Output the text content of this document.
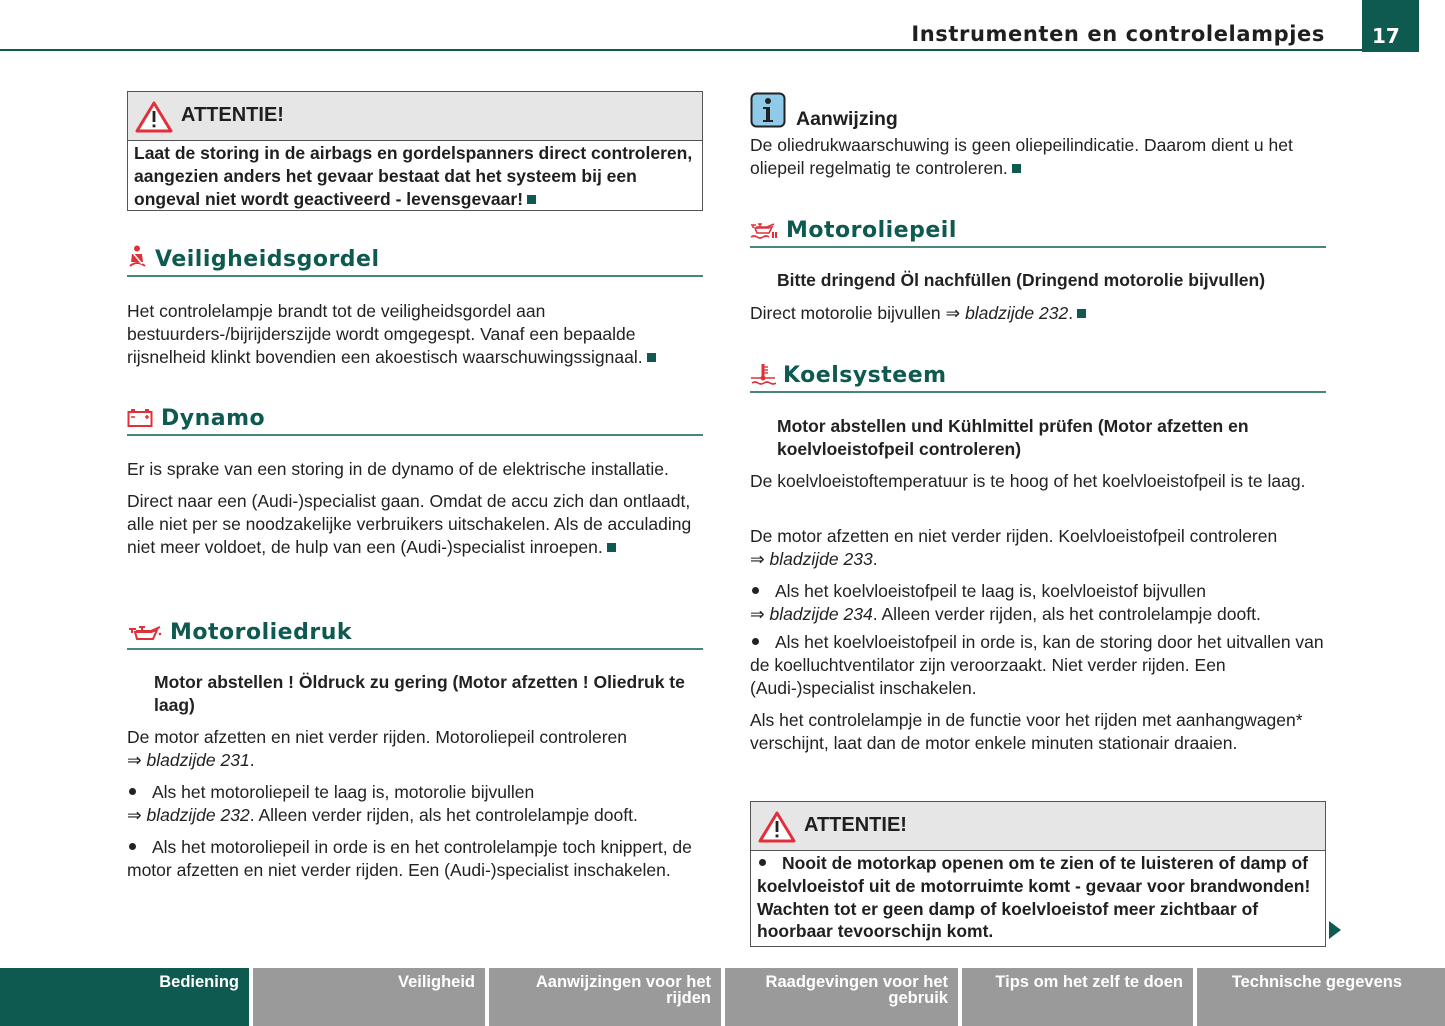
Instrumenten en controlelampjes	17
ATTENTIE!
Laat de storing in de airbags en gordelspanners direct controleren, aangezien anders het gevaar bestaat dat het systeem bij een ongeval niet wordt geactiveerd - levensgevaar!
Veiligheidsgordel

Het controlelampje brandt tot de veiligheidsgordel aan bestuurders-/bijrijderszijde wordt omgegespt. Vanaf een bepaalde rijsnelheid klinkt bovendien een akoestisch waarschuwingssignaal.

Dynamo

Er is sprake van een storing in de dynamo of de elektrische installatie.

Direct naar een (Audi-)specialist gaan. Omdat de accu zich dan ontlaadt, alle niet per se noodzakelijke verbruikers uitschakelen. Als de acculading niet meer voldoet, de hulp van een (Audi-)specialist inroepen.

Motoroliedruk

Motor abstellen ! Öldruck zu gering (Motor afzetten ! Oliedruk te laag)

De motor afzetten en niet verder rijden. Motoroliepeil controleren
⇒ bladzijde 231.

Als het motoroliepeil te laag is, motorolie bijvullen
⇒ bladzijde 232. Alleen verder rijden, als het controlelampje dooft.

Als het motoroliepeil in orde is en het controlelampje toch knippert, de motor afzetten en niet verder rijden. Een (Audi-)specialist inschakelen.

Aanwijzing

De oliedrukwaarschuwing is geen oliepeilindicatie. Daarom dient u het oliepeil regelmatig te controleren.

Motoroliepeil

Bitte dringend Öl nachfüllen (Dringend motorolie bijvullen)

Direct motorolie bijvullen ⇒ bladzijde 232.

Koelsysteem

Motor abstellen und Kühlmittel prüfen (Motor afzetten en koelvloeistofpeil controleren)

De koelvloeistoftemperatuur is te hoog of het koelvloeistofpeil is te laag.

De motor afzetten en niet verder rijden. Koelvloeistofpeil controleren
⇒ bladzijde 233.

Als het koelvloeistofpeil te laag is, koelvloeistof bijvullen
⇒ bladzijde 234. Alleen verder rijden, als het controlelampje dooft.

Als het koelvloeistofpeil in orde is, kan de storing door het uitvallen van de koelluchtventilator zijn veroorzaakt. Niet verder rijden. Een (Audi-)specialist inschakelen.

Als het controlelampje in de functie voor het rijden met aanhangwagen* verschijnt, laat dan de motor enkele minuten stationair draaien.

ATTENTIE!
Nooit de motorkap openen om te zien of te luisteren of damp of koelvloeistof uit de motorruimte komt - gevaar voor brandwonden! Wachten tot er geen damp of koelvloeistof meer zichtbaar of hoorbaar tevoorschijn komt.
Bediening	Veiligheid	Aanwijzingen voor het rijden
Raadgevingen voor het gebruik
Tips om het zelf te doen	Technische gegevens
